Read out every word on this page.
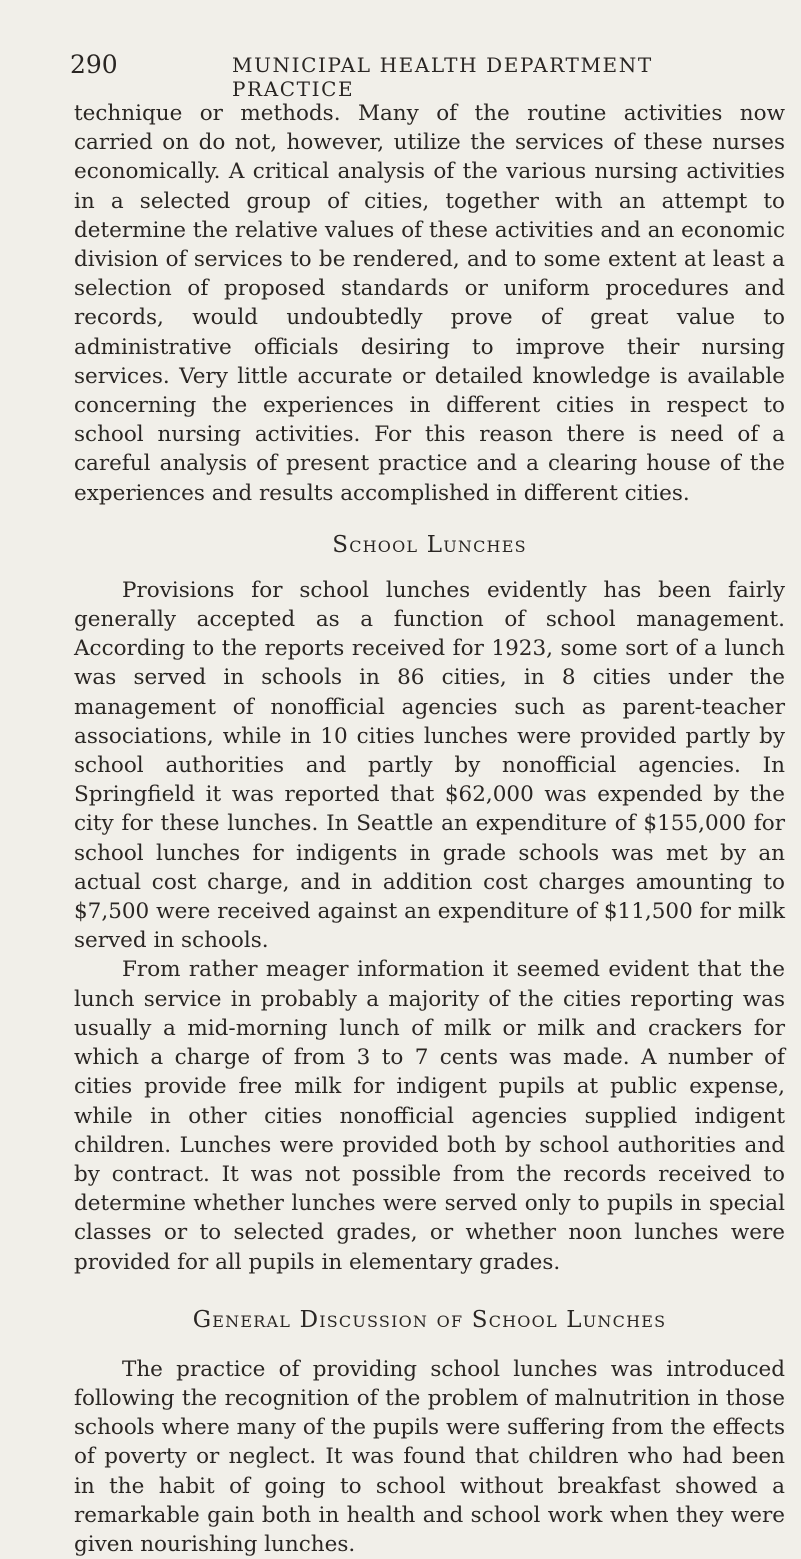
290	MUNICIPAL HEALTH DEPARTMENT PRACTICE

technique or methods. Many of the routine activities now carried on do not, however, utilize the services of these nurses economically. A critical analysis of the various nursing activities in a selected group of cities, together with an attempt to determine the relative values of these activities and an economic division of services to be rendered, and to some extent at least a selection of proposed standards or uniform procedures and records, would undoubtedly prove of great value to administrative officials desiring to improve their nursing services. Very little accurate or detailed knowledge is available concerning the experiences in different cities in respect to school nursing activities. For this reason there is need of a careful analysis of present practice and a clearing house of the experiences and results accomplished in different cities.

School Lunches

Provisions for school lunches evidently has been fairly generally accepted as a function of school management. According to the reports received for 1923, some sort of a lunch was served in schools in 86 cities, in 8 cities under the management of nonofficial agencies such as parent-teacher associations, while in 10 cities lunches were provided partly by school authorities and partly by nonofficial agencies. In Springfield it was reported that $62,000 was expended by the city for these lunches. In Seattle an expenditure of $155,000 for school lunches for indigents in grade schools was met by an actual cost charge, and in addition cost charges amounting to $7,500 were received against an expenditure of $11,500 for milk served in schools.

From rather meager information it seemed evident that the lunch service in probably a majority of the cities reporting was usually a mid-morning lunch of milk or milk and crackers for which a charge of from 3 to 7 cents was made. A number of cities provide free milk for indigent pupils at public expense, while in other cities nonofficial agencies supplied indigent children. Lunches were provided both by school authorities and by contract. It was not possible from the records received to determine whether lunches were served only to pupils in special classes or to selected grades, or whether noon lunches were provided for all pupils in elementary grades.

General Discussion of School Lunches

The practice of providing school lunches was introduced following the recognition of the problem of malnutrition in those schools where many of the pupils were suffering from the effects of poverty or neglect. It was found that children who had been in the habit of going to school without breakfast showed a remarkable gain both in health and school work when they were given nourishing lunches.
